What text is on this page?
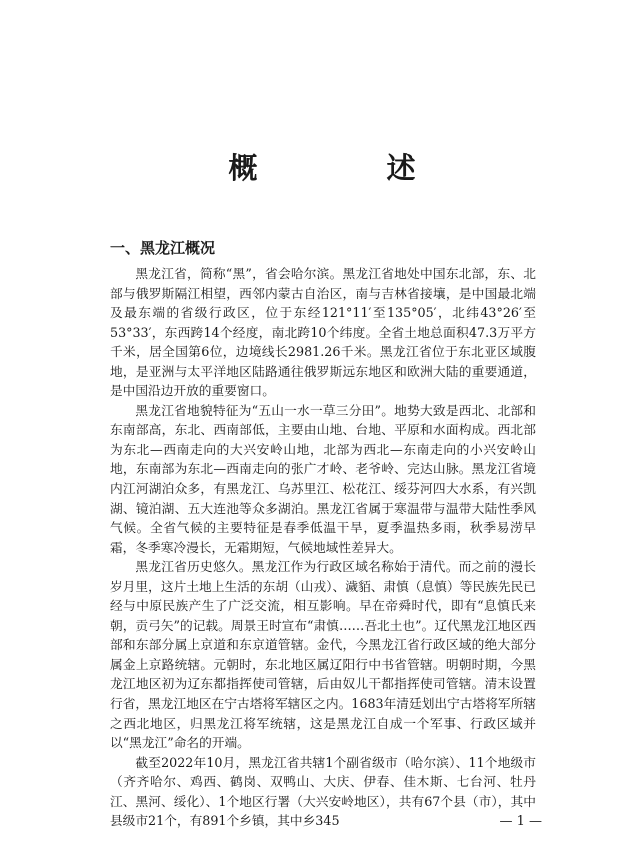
概　述
一、黑龙江概况

黑龙江省，简称“黑”，省会哈尔滨。黑龙江省地处中国东北部，东、北部与俄罗斯隔江相望，西邻内蒙古自治区，南与吉林省接壤，是中国最北端及最东端的省级行政区，位于东经121°11′至135°05′，北纬43°26′至53°33′，东西跨14个经度，南北跨10个纬度。全省土地总面积47.3万平方千米，居全国第6位，边境线长2981.26千米。黑龙江省位于东北亚区域腹地，是亚洲与太平洋地区陆路通往俄罗斯远东地区和欧洲大陆的重要通道，是中国沿边开放的重要窗口。

黑龙江省地貌特征为“五山一水一草三分田”。地势大致是西北、北部和东南部高，东北、西南部低，主要由山地、台地、平原和水面构成。西北部为东北—西南走向的大兴安岭山地，北部为西北—东南走向的小兴安岭山地，东南部为东北—西南走向的张广才岭、老爷岭、完达山脉。黑龙江省境内江河湖泊众多，有黑龙江、乌苏里江、松花江、绥芬河四大水系，有兴凯湖、镜泊湖、五大连池等众多湖泊。黑龙江省属于寒温带与温带大陆性季风气候。全省气候的主要特征是春季低温干旱，夏季温热多雨，秋季易涝早霜，冬季寒冷漫长，无霜期短，气候地域性差异大。

黑龙江省历史悠久。黑龙江作为行政区域名称始于清代。而之前的漫长岁月里，这片土地上生活的东胡（山戎）、濊貊、肃慎（息慎）等民族先民已经与中原民族产生了广泛交流，相互影响。早在帝舜时代，即有“息慎氏来朝，贡弓矢”的记载。周景王时宣布“肃慎……吾北土也”。辽代黑龙江地区西部和东部分属上京道和东京道管辖。金代，今黑龙江省行政区域的绝大部分属金上京路统辖。元朝时，东北地区属辽阳行中书省管辖。明朝时期，今黑龙江地区初为辽东都指挥使司管辖，后由奴儿干都指挥使司管辖。清末设置行省，黑龙江地区在宁古塔将军辖区之内。1683年清廷划出宁古塔将军所辖之西北地区，归黑龙江将军统辖，这是黑龙江自成一个军事、行政区域并以“黑龙江”命名的开端。

截至2022年10月，黑龙江省共辖1个副省级市（哈尔滨）、11个地级市（齐齐哈尔、鸡西、鹤岗、双鸭山、大庆、伊春、佳木斯、七台河、牡丹江、黑河、绥化）、1个地区行署（大兴安岭地区），共有67个县（市），其中县级市21个，有891个乡镇，其中乡345	— 1 —
